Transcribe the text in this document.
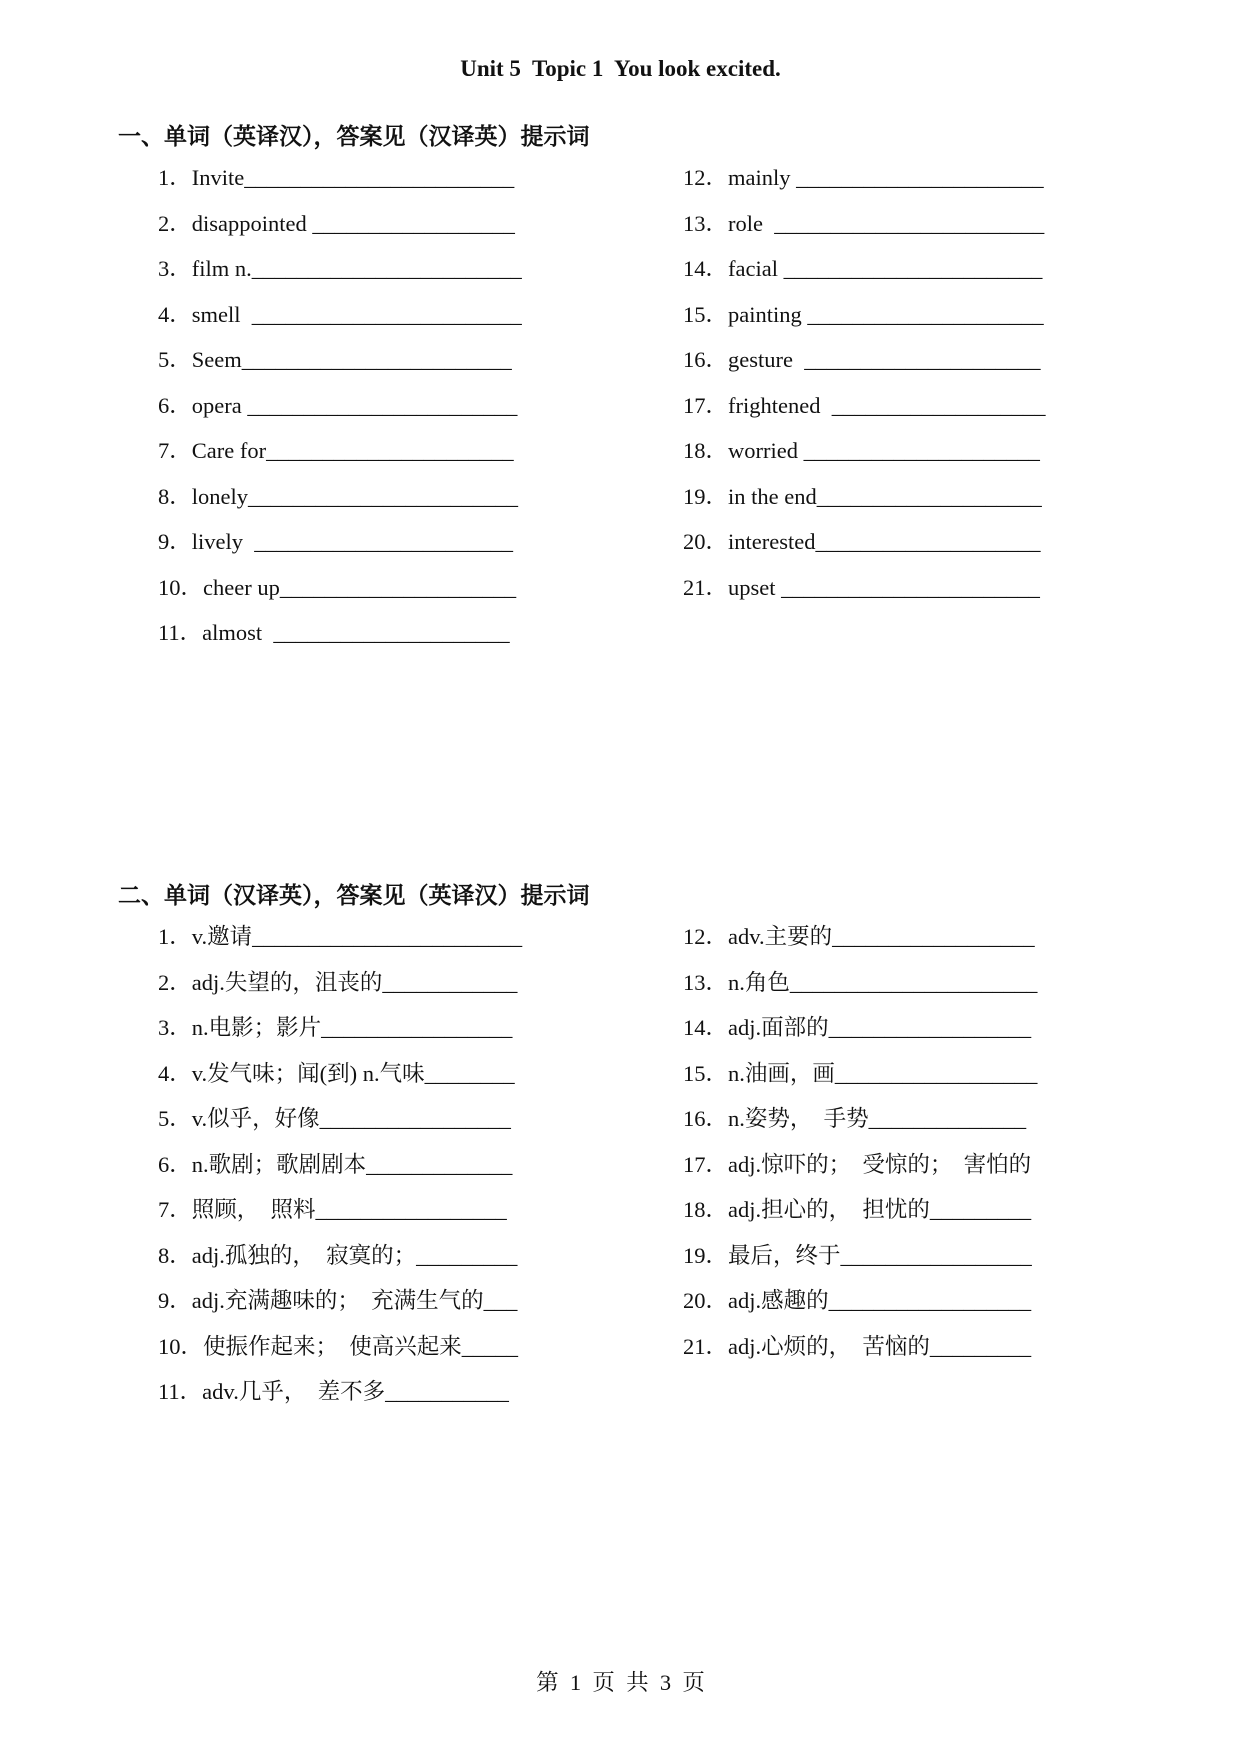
Unit 5  Topic 1  You look excited.
一、单词（英译汉），答案见（汉译英）提示词
1．Invite________________________
2．disappointed __________________
3．film n.________________________
4．smell  ________________________
5．Seem________________________
6．opera ________________________
7．Care for______________________
8．lonely________________________
9．lively  _______________________
10．cheer up_____________________
11．almost  _____________________
12．mainly ______________________
13．role  ________________________
14．facial _______________________
15．painting _____________________
16．gesture  _____________________
17．frightened  ___________________
18．worried _____________________
19．in the end____________________
20．interested____________________
21．upset _______________________
二、单词（汉译英），答案见（英译汉）提示词
1．v.邀请________________________
2．adj.失望的，沮丧的____________
3．n.电影；影片_________________
4．v.发气味；闻(到) n.气味________
5．v.似乎，好像_________________
6．n.歌剧；歌剧剧本_____________
7．照顾，  照料_________________
8．adj.孤独的，  寂寞的；_________
9．adj.充满趣味的；  充满生气的___
10．使振作起来；  使高兴起来_____
11．adv.几乎，  差不多___________
12．adv.主要的__________________
13．n.角色______________________
14．adj.面部的__________________
15．n.油画，画__________________
16．n.姿势，  手势______________
17．adj.惊吓的；  受惊的；  害怕的
18．adj.担心的，  担忧的_________
19．最后，终于_________________
20．adj.感趣的__________________
21．adj.心烦的，  苦恼的_________
第  1  页  共  3  页
